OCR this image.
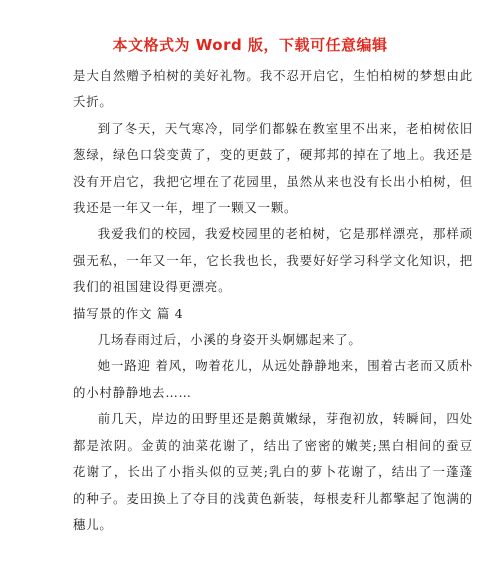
本文格式为 Word 版，下载可任意编辑

是大自然赠予柏树的美好礼物。我不忍开启它，生怕柏树的梦想由此夭折。

到了冬天，天气寒冷，同学们都躲在教室里不出来，老柏树依旧葱绿，绿色口袋变黄了，变的更鼓了，硬邦邦的掉在了地上。我还是没有开启它，我把它埋在了花园里，虽然从来也没有长出小柏树，但我还是一年又一年，埋了一颗又一颗。

我爱我们的校园，我爱校园里的老柏树，它是那样漂亮，那样顽强无私，一年又一年，它长我也长，我要好好学习科学文化知识，把我们的祖国建设得更漂亮。

描写景的作文 篇 4

几场春雨过后，小溪的身姿开头婀娜起来了。

她一路迎 着风，吻着花儿，从远处静静地来，围着古老而又质朴的小村静静地去……

前几天，岸边的田野里还是鹅黄嫩绿，芽孢初放，转瞬间，四处都是浓阴。金黄的油菜花谢了，结出了密密的嫩荚;黑白相间的蚕豆花谢了，长出了小指头似的豆荚;乳白的萝卜花谢了，结出了一蓬蓬的种子。麦田换上了夺目的浅黄色新装，每根麦秆儿都擎起了饱满的穗儿。
